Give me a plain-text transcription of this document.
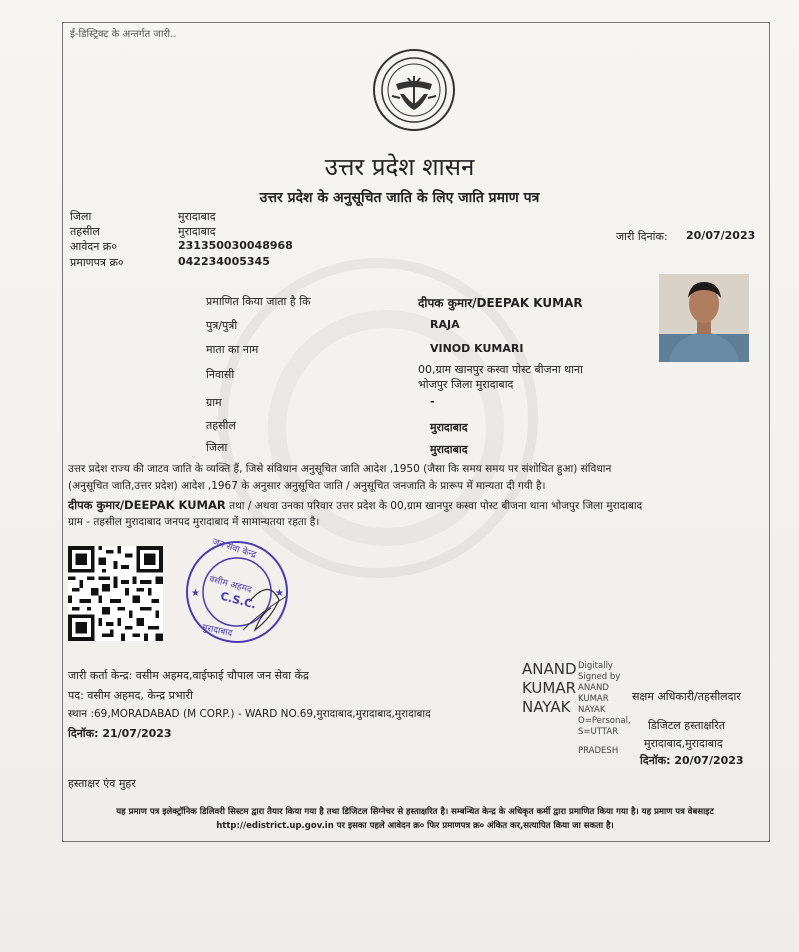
ई-डिस्ट्रिक्ट के अन्तर्गत जारी..
उत्तर प्रदेश शासन
उत्तर प्रदेश के अनुसूचित जाति के लिए जाति प्रमाण पत्र
जिला	मुरादाबाद
तहसील	मुरादाबाद
आवेदन क्र०	231350030048968
प्रमाणपत्र क्र०	042234005345
जारी दिनांक: 20/07/2023
प्रमाणित किया जाता है कि	दीपक कुमार/DEEPAK KUMAR
पुत्र/पुत्री	RAJA
माता का नाम	VINOD KUMARI
निवासी	00,ग्राम खानपुर कस्वा पोस्ट बीजना थाना
भोजपुर जिला मुरादाबाद
ग्राम	-
तहसील	मुरादाबाद
जिला	मुरादाबाद
उत्तर प्रदेश राज्य की जाटव जाति के व्यक्ति हैं, जिसे संविधान अनुसूचित जाति आदेश ,1950 (जैसा कि समय समय पर संशोधित हुआ) संविधान
(अनुसूचित जाति,उत्तर प्रदेश) आदेश ,1967 के अनुसार अनुसूचित जाति / अनुसूचित जनजाति के प्रारूप में मान्यता दी गयी है।
दीपक कुमार/DEEPAK KUMAR तथा / अथवा उनका परिवार उत्तर प्रदेश के 00,ग्राम खानपुर कस्वा पोस्ट बीजना थाना भोजपुर जिला मुरादाबाद
ग्राम - तहसील मुरादाबाद जनपद मुरादाबाद में सामान्यतया रहता है।
★	★
जन सेवा केन्द्र
वसीम अहमद
C.S.C.
मुरादाबाद
जारी कर्ता केन्द्र: वसीम अहमद,वाईफाई चौपाल जन सेवा केंद्र
पद: वसीम अहमद, केन्द्र प्रभारी
स्थान :69,MORADABAD (M CORP.) - WARD NO.69,मुरादाबाद,मुरादाबाद,मुरादाबाद
दिनॉक: 21/07/2023
ANAND
KUMAR
NAYAK
Digitally
Signed by
ANAND
KUMAR
NAYAK
O=Personal,
S=UTTAR
PRADESH
सक्षम अधिकारी/तहसीलदार
डिजिटल हस्ताक्षरित
मुरादाबाद,मुरादाबाद
दिनॉक: 20/07/2023
हस्ताक्षर एंव मुहर
यह प्रमाण पत्र इलेक्ट्रॉनिक डिलिवरी सिस्टम द्वारा तैयार किया गया है तथा डिजिटल सिग्नेचर से हस्ताक्षरित है। सम्बन्धित केन्द्र के अधिकृत कर्मी द्वारा प्रमाणित किया गया है। यह प्रमाण पत्र वेबसाइट
http://edistrict.up.gov.in पर इसका पहले आवेदन क्र० फिर प्रमाणपत्र क्र० अंकित कर,सत्यापित किया जा सकता है।
